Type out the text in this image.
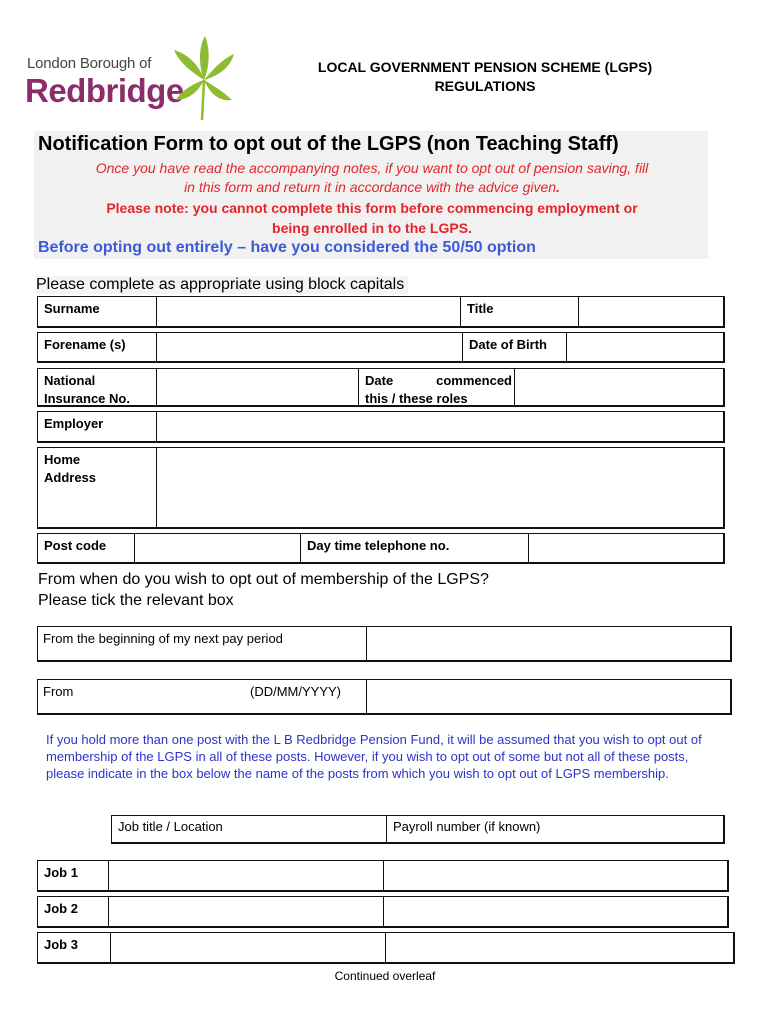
London Borough of
Redbridge
LOCAL GOVERNMENT PENSION SCHEME (LGPS)
REGULATIONS
Notification Form to opt out of the LGPS (non Teaching Staff)
Once you have read the accompanying notes, if you want to opt out of pension saving, fill
in this form and return it in accordance with the advice given.
Please note: you cannot complete this form before commencing employment or
being enrolled in to the LGPS.
Before opting out entirely – have you considered the 50/50 option
Please complete as appropriate using block capitals
Surname	Title
Forename (s)	Date of Birth
National
Insurance No.
Date	commenced
this / these roles
Employer
Home
Address
Post code	Day time telephone no.
From when do you wish to opt out of membership of the LGPS?
Please tick the relevant box
From the beginning of my next pay period
From	(DD/MM/YYYY)
If you hold more than one post with the L B Redbridge Pension Fund, it will be assumed that you wish to opt out of membership of the LGPS in all of these posts. However, if you wish to opt out of some but not all of these posts, please indicate in the box below the name of the posts from which you wish to opt out of LGPS membership.
Job title / Location	Payroll number (if known)
Job 1
Job 2
Job 3
Continued overleaf
